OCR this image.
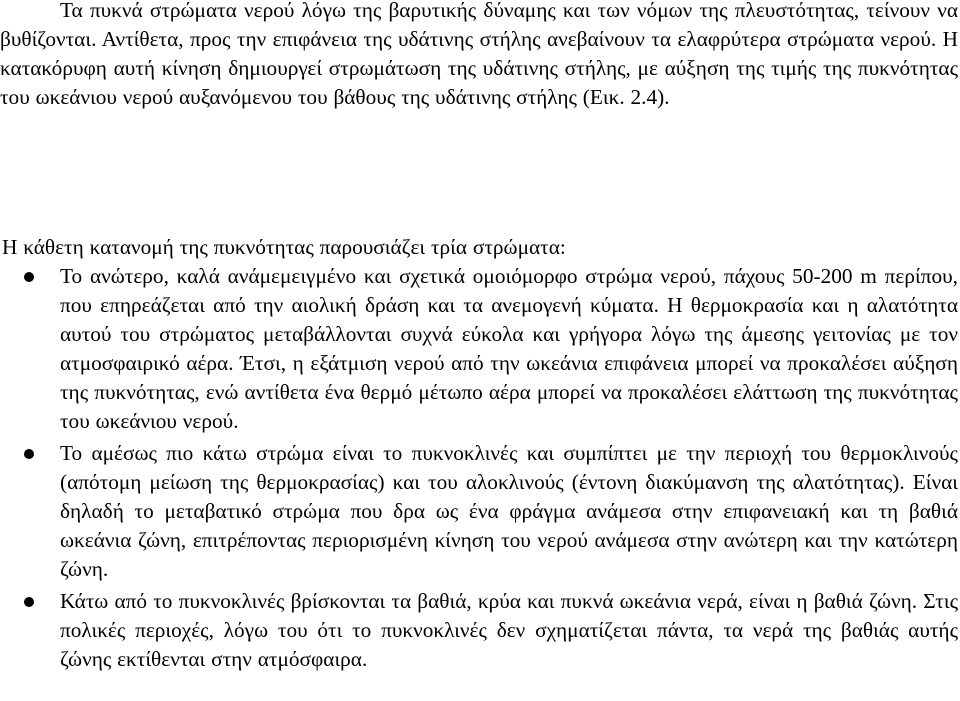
Τα πυκνά στρώματα νερού λόγω της βαρυτικής δύναμης και των νόμων της πλευστότητας, τείνουν να βυθίζονται. Αντίθετα, προς την επιφάνεια της υδάτινης στήλης ανεβαίνουν τα ελαφρύτερα στρώματα νερού. Η κατακόρυφη αυτή κίνηση δημιουργεί στρωμάτωση της υδάτινης στήλης, με αύξηση της τιμής της πυκνότητας του ωκεάνιου νερού αυξανόμενου του βάθους της υδάτινης στήλης (Εικ. 2.4).

Η κάθετη κατανομή της πυκνότητας παρουσιάζει τρία στρώματα:

Το ανώτερο, καλά ανάμεμειγμένο και σχετικά ομοιόμορφο στρώμα νερού, πάχους 50-200 m περίπου, που επηρεάζεται από την αιολική δράση και τα ανεμογενή κύματα. Η θερμοκρασία και η αλατότητα αυτού του στρώματος μεταβάλλονται συχνά εύκολα και γρήγορα λόγω της άμεσης γειτονίας με τον ατμοσφαιρικό αέρα. Έτσι, η εξάτμιση νερού από την ωκεάνια επιφάνεια μπορεί να προκαλέσει αύξηση της πυκνότητας, ενώ αντίθετα ένα θερμό μέτωπο αέρα μπορεί να προκαλέσει ελάττωση της πυκνότητας του ωκεάνιου νερού.
Το αμέσως πιο κάτω στρώμα είναι το πυκνοκλινές και συμπίπτει με την περιοχή του θερμοκλινούς (απότομη μείωση της θερμοκρασίας) και του αλοκλινούς (έντονη διακύμανση της αλατότητας). Είναι δηλαδή το μεταβατικό στρώμα που δρα ως ένα φράγμα ανάμεσα στην επιφανειακή και τη βαθιά ωκεάνια ζώνη, επιτρέποντας περιορισμένη κίνηση του νερού ανάμεσα στην ανώτερη και την κατώτερη ζώνη.
Κάτω από το πυκνοκλινές βρίσκονται τα βαθιά, κρύα και πυκνά ωκεάνια νερά, είναι η βαθιά ζώνη. Στις πολικές περιοχές, λόγω του ότι το πυκνοκλινές δεν σχηματίζεται πάντα, τα νερά της βαθιάς αυτής ζώνης εκτίθενται στην ατμόσφαιρα.
